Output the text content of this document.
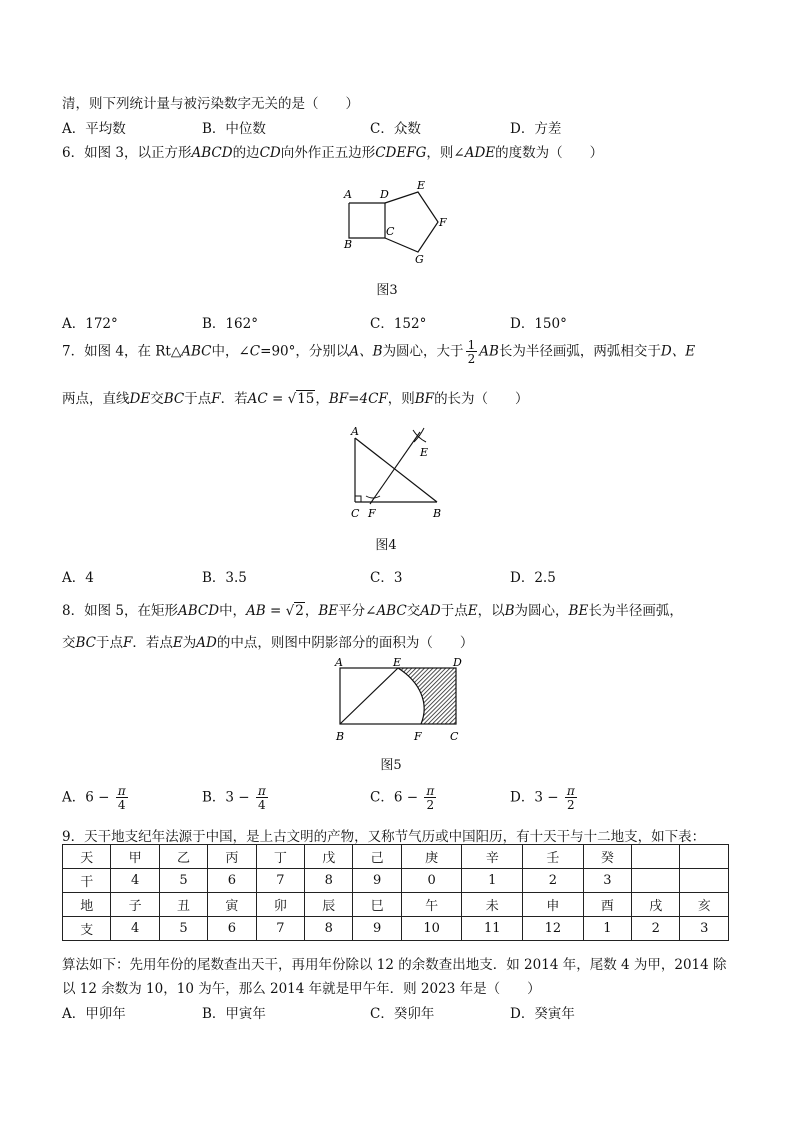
清，则下列统计量与被污染数字无关的是（　　）
A．平均数	B．中位数	C．众数	D．方差
6．如图 3，以正方形ABCD的边CD向外作正五边形CDEFG，则∠ADE的度数为（　　）
A
B
C
D
E
F
G
图3
A．172°	B．162°	C．152°	D．150°
7．如图 4，在 Rt△ABC中，∠C=90°，分别以A、B为圆心，大于 $\frac{1}{2}$ AB长为半径画弧，两弧相交于D、E
两点，直线DE交BC于点F．若AC = √15，BF=4CF，则BF的长为（　　）
A
C F	B
E
图4
A．4	B．3.5	C．3	D．2.5
8．如图 5，在矩形ABCD中，AB = √2，BE平分∠ABC交AD于点E，以B为圆心，BE长为半径画弧，
交BC于点F．若点E为AD的中点，则图中阴影部分的面积为（　　）
A	E	D
B	F	C
图5
A．$6 - \frac{\pi}{4}$	B．$3 - \frac{\pi}{4}$	C．$6 - \frac{\pi}{2}$	D．$3 - \frac{\pi}{2}$
9．天干地支纪年法源于中国，是上古文明的产物，又称节气历或中国阳历，有十天干与十二地支，如下表：
天	甲	乙	丙	丁	戊	己	庚	辛	壬	癸		
干	4	5	6	7	8	9	0	1	2	3		
地	子	丑	寅	卯	辰	巳	午	未	申	酉	戌	亥
支	4	5	6	7	8	9	10	11	12	1	2	3
算法如下：先用年份的尾数查出天干，再用年份除以 12 的余数查出地支．如 2014 年，尾数 4 为甲，2014 除
以 12 余数为 10，10 为午，那么 2014 年就是甲午年．则 2023 年是（　　）
A．甲卯年	B．甲寅年	C．癸卯年	D．癸寅年
